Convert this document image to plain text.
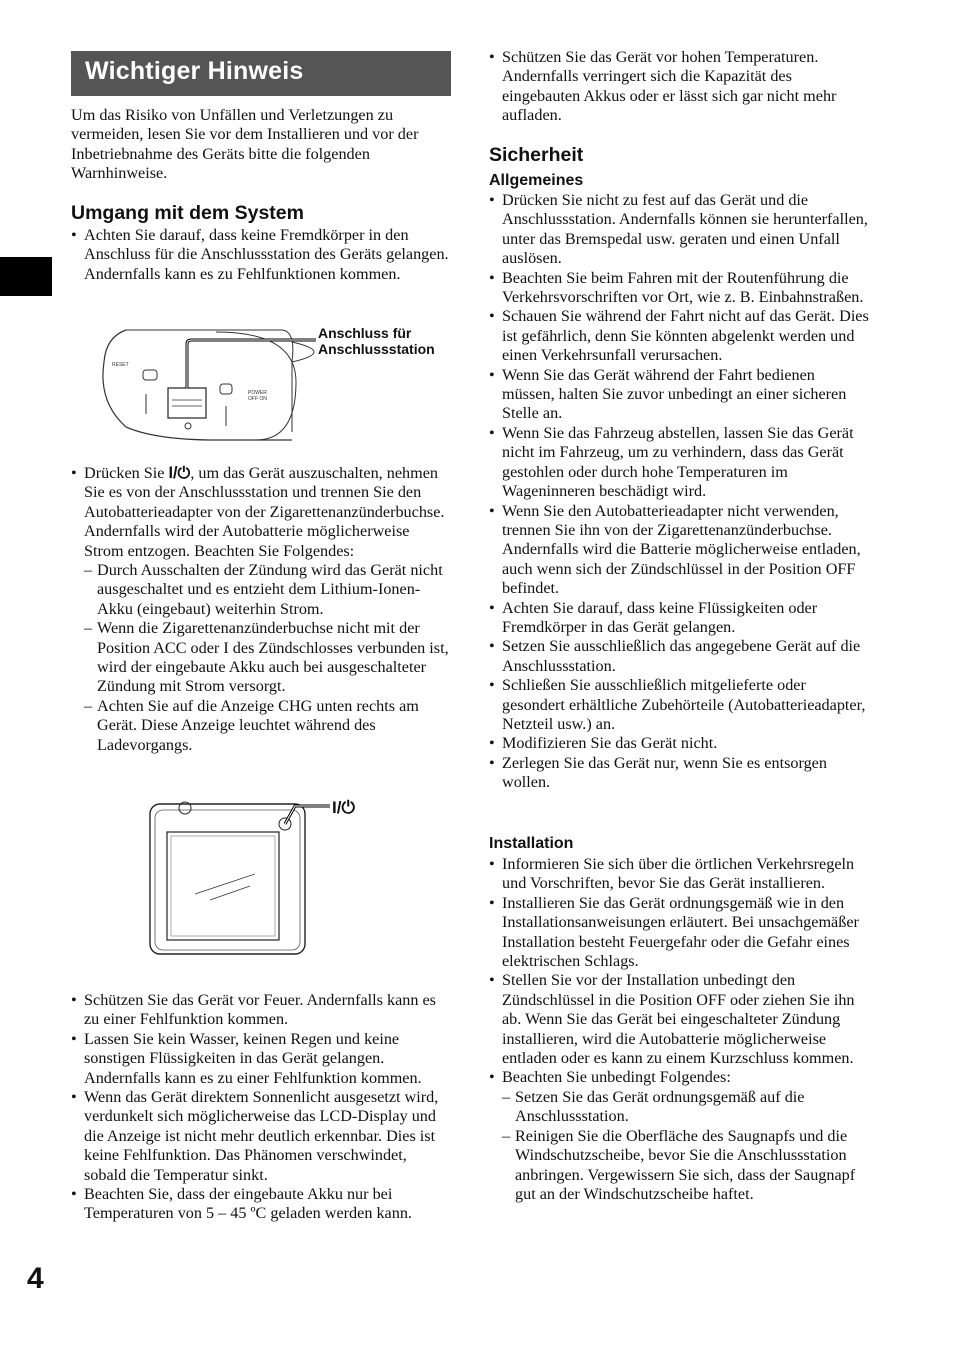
Wichtiger Hinweis
4

Um das Risiko von Unfällen und Verletzungen zu vermeiden, lesen Sie vor dem Installieren und vor der Inbetriebnahme des Geräts bitte die folgenden Warnhinweise.

Umgang mit dem System
• Achten Sie darauf, dass keine Fremdkörper in den Anschluss für die Anschlussstation des Geräts gelangen. Andernfalls kann es zu Fehlfunktionen kommen.
RESET
POWER
OFF ON
Anschluss für Anschlussstation
• Drücken Sie I/⏻, um das Gerät auszuschalten, nehmen Sie es von der Anschlussstation und trennen Sie den Autobatterieadapter von der Zigarettenanzünderbuchse. Andernfalls wird der Autobatterie möglicherweise Strom entzogen. Beachten Sie Folgendes:
– Durch Ausschalten der Zündung wird das Gerät nicht ausgeschaltet und es entzieht dem Lithium-Ionen-Akku (eingebaut) weiterhin Strom.
– Wenn die Zigarettenanzünderbuchse nicht mit der Position ACC oder I des Zündschlosses verbunden ist, wird der eingebaute Akku auch bei ausgeschalteter Zündung mit Strom versorgt.
– Achten Sie auf die Anzeige CHG unten rechts am Gerät. Diese Anzeige leuchtet während des Ladevorgangs.
I/⏻
• Schützen Sie das Gerät vor Feuer. Andernfalls kann es zu einer Fehlfunktion kommen.
• Lassen Sie kein Wasser, keinen Regen und keine sonstigen Flüssigkeiten in das Gerät gelangen. Andernfalls kann es zu einer Fehlfunktion kommen.
• Wenn das Gerät direktem Sonnenlicht ausgesetzt wird, verdunkelt sich möglicherweise das LCD-Display und die Anzeige ist nicht mehr deutlich erkennbar. Dies ist keine Fehlfunktion. Das Phänomen verschwindet, sobald die Temperatur sinkt.
• Beachten Sie, dass der eingebaute Akku nur bei Temperaturen von 5 – 45 ºC geladen werden kann.
• Schützen Sie das Gerät vor hohen Temperaturen. Andernfalls verringert sich die Kapazität des eingebauten Akkus oder er lässt sich gar nicht mehr aufladen.
Sicherheit
Allgemeines
• Drücken Sie nicht zu fest auf das Gerät und die Anschlussstation. Andernfalls können sie herunterfallen, unter das Bremspedal usw. geraten und einen Unfall auslösen.
• Beachten Sie beim Fahren mit der Routenführung die Verkehrsvorschriften vor Ort, wie z. B. Einbahnstraßen.
• Schauen Sie während der Fahrt nicht auf das Gerät. Dies ist gefährlich, denn Sie könnten abgelenkt werden und einen Verkehrsunfall verursachen.
• Wenn Sie das Gerät während der Fahrt bedienen müssen, halten Sie zuvor unbedingt an einer sicheren Stelle an.
• Wenn Sie das Fahrzeug abstellen, lassen Sie das Gerät nicht im Fahrzeug, um zu verhindern, dass das Gerät gestohlen oder durch hohe Temperaturen im Wageninneren beschädigt wird.
• Wenn Sie den Autobatterieadapter nicht verwenden, trennen Sie ihn von der Zigarettenanzünderbuchse. Andernfalls wird die Batterie möglicherweise entladen, auch wenn sich der Zündschlüssel in der Position OFF befindet.
• Achten Sie darauf, dass keine Flüssigkeiten oder Fremdkörper in das Gerät gelangen.
• Setzen Sie ausschließlich das angegebene Gerät auf die Anschlussstation.
• Schließen Sie ausschließlich mitgelieferte oder gesondert erhältliche Zubehörteile (Autobatterieadapter, Netzteil usw.) an.
• Modifizieren Sie das Gerät nicht.
• Zerlegen Sie das Gerät nur, wenn Sie es entsorgen wollen.
Installation
• Informieren Sie sich über die örtlichen Verkehrsregeln und Vorschriften, bevor Sie das Gerät installieren.
• Installieren Sie das Gerät ordnungsgemäß wie in den Installationsanweisungen erläutert. Bei unsachgemäßer Installation besteht Feuergefahr oder die Gefahr eines elektrischen Schlags.
• Stellen Sie vor der Installation unbedingt den Zündschlüssel in die Position OFF oder ziehen Sie ihn ab. Wenn Sie das Gerät bei eingeschalteter Zündung installieren, wird die Autobatterie möglicherweise entladen oder es kann zu einem Kurzschluss kommen.
• Beachten Sie unbedingt Folgendes:
– Setzen Sie das Gerät ordnungsgemäß auf die Anschlussstation.
– Reinigen Sie die Oberfläche des Saugnapfs und die Windschutzscheibe, bevor Sie die Anschlussstation anbringen. Vergewissern Sie sich, dass der Saugnapf gut an der Windschutzscheibe haftet.
